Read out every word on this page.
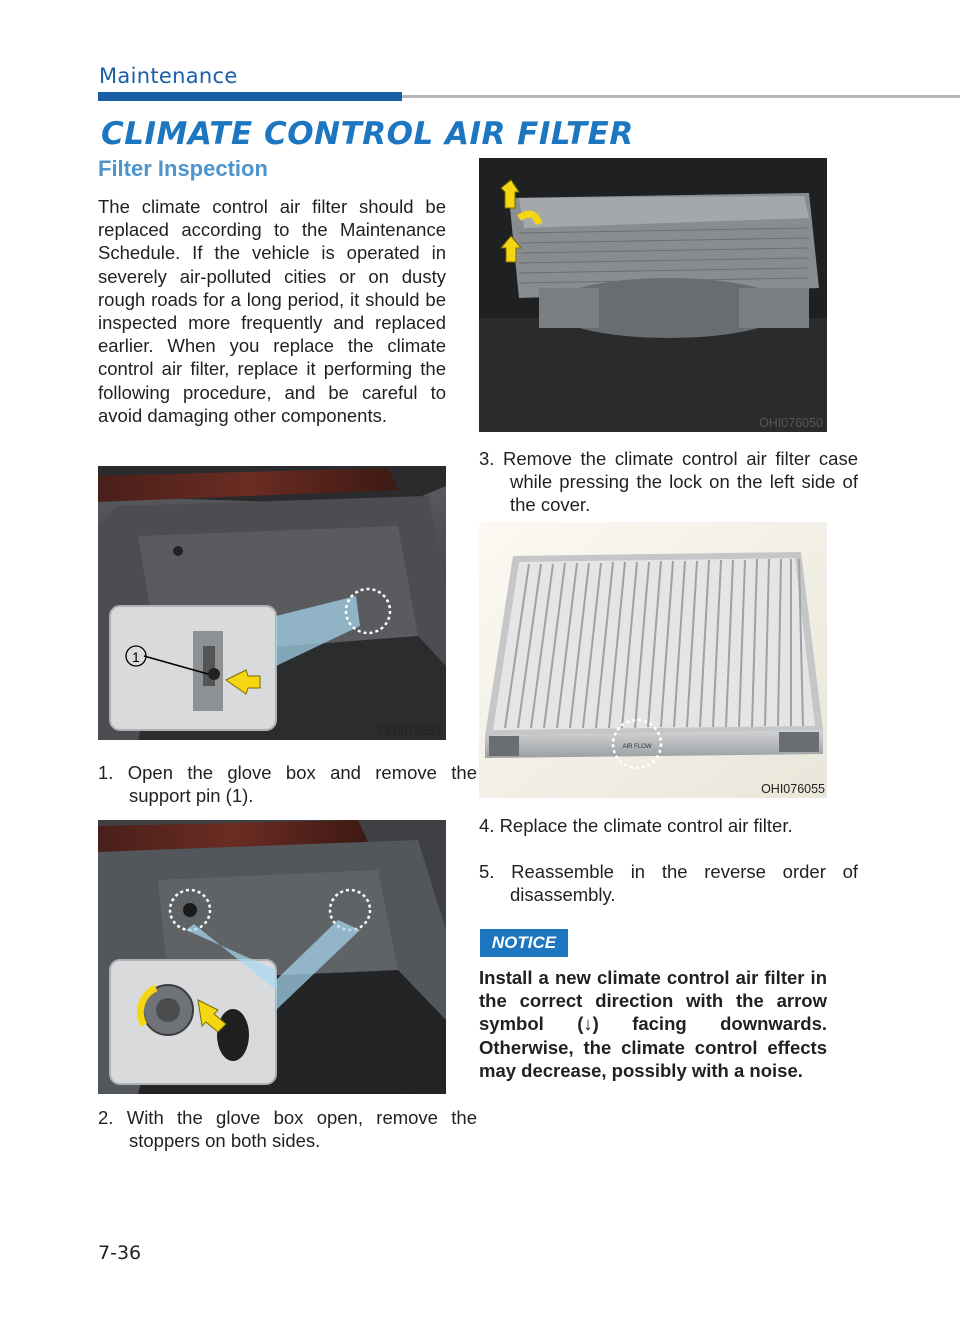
Maintenance
CLIMATE CONTROL AIR FILTER
Filter Inspection
The climate control air filter should be replaced according to the Maintenance Schedule. If the vehicle is operated in severely air-polluted cities or on dusty rough roads for a long period, it should be inspected more frequently and replaced earlier. When you replace the climate control air filter, replace it performing the following procedure, and be careful to avoid damaging other components.
1
OHI076051
1. Open the glove box and remove the support pin (1).
OHI076052
2. With the glove box open, remove the stoppers on both sides.
OHI076050
3. Remove the climate control air filter case while pressing the lock on the left side of the cover.
AIR FLOW
OHI076055
4. Replace the climate control air filter.
5. Reassemble in the reverse order of disassembly.
NOTICE
Install a new climate control air filter in the correct direction with the arrow symbol (↓) facing downwards. Otherwise, the climate control effects may decrease, possibly with a noise.
7-36
